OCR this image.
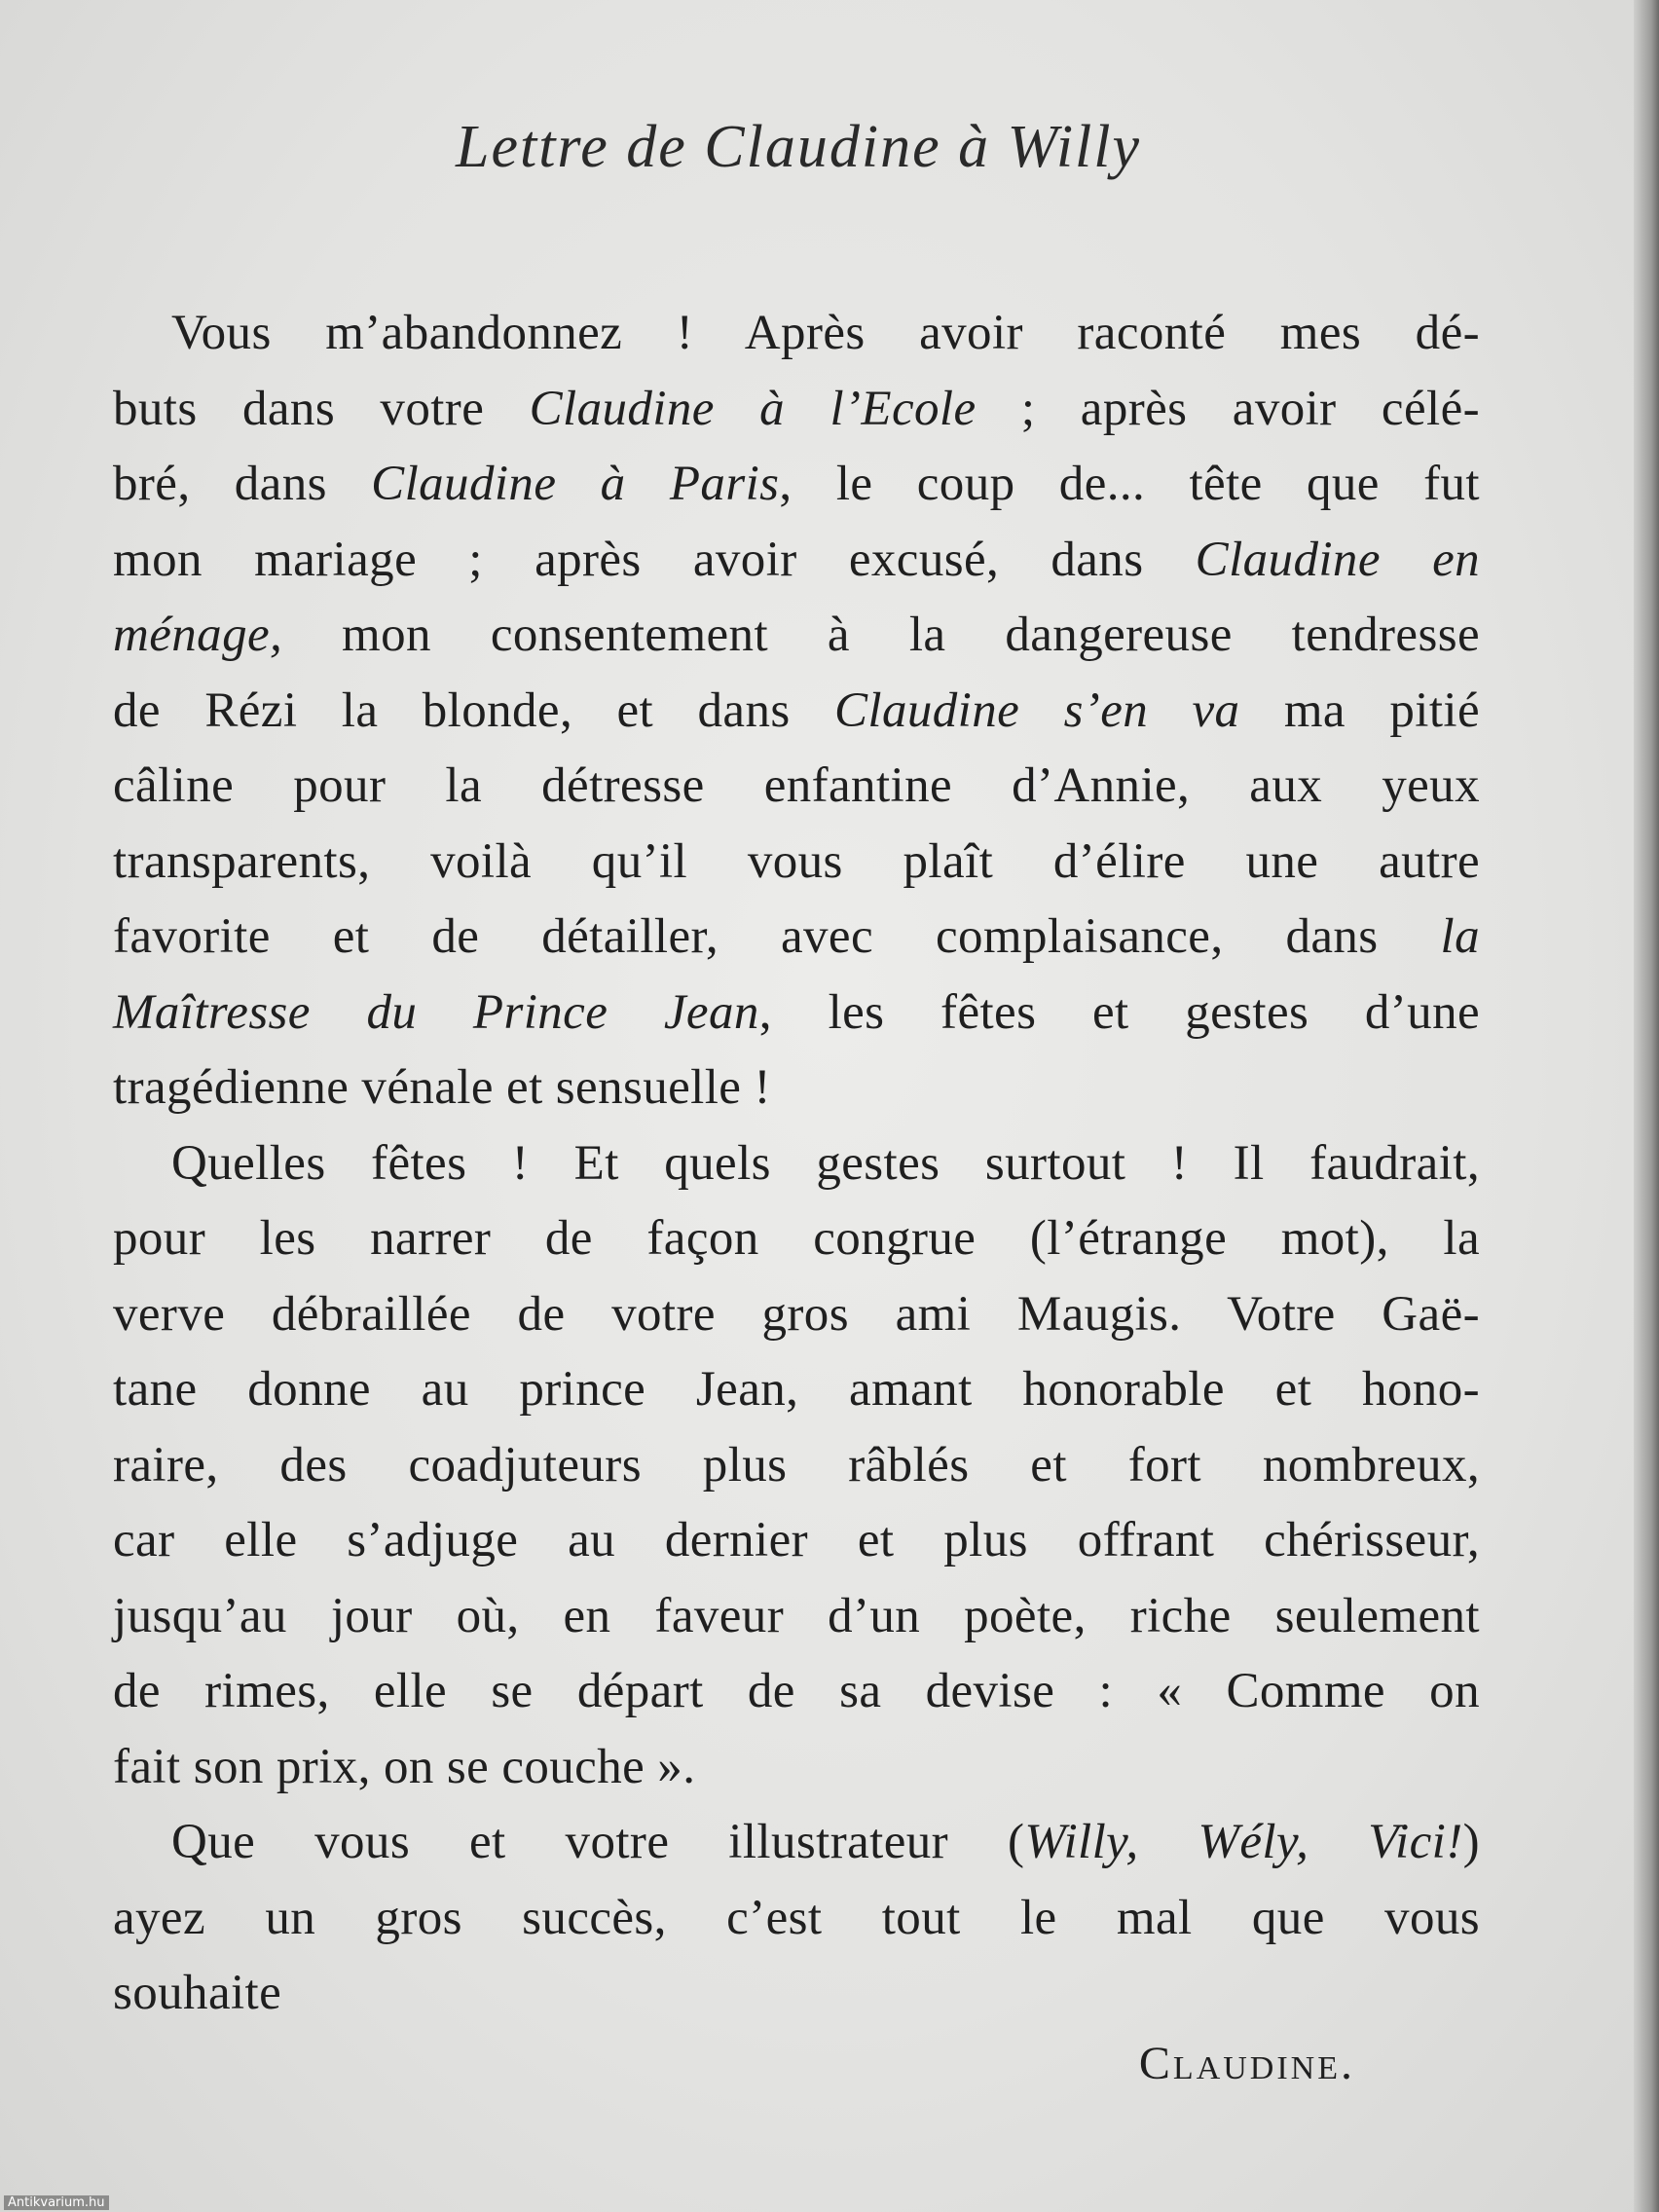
Lettre de Claudine à Willy
Vous m’abandonnez ! Après avoir raconté mes dé-
buts dans votre Claudine à l’Ecole ; après avoir célé-
bré, dans Claudine à Paris, le coup de... tête que fut
mon mariage ; après avoir excusé, dans Claudine en
ménage, mon consentement à la dangereuse tendresse
de Rézi la blonde, et dans Claudine s’en va ma pitié
câline pour la détresse enfantine d’Annie, aux yeux
transparents, voilà qu’il vous plaît d’élire une autre
favorite et de détailler, avec complaisance, dans la
Maîtresse du Prince Jean, les fêtes et gestes d’une
tragédienne vénale et sensuelle !
Quelles fêtes ! Et quels gestes surtout ! Il faudrait,
pour les narrer de façon congrue (l’étrange mot), la
verve débraillée de votre gros ami Maugis. Votre Gaë-
tane donne au prince Jean, amant honorable et hono-
raire, des coadjuteurs plus râblés et fort nombreux,
car elle s’adjuge au dernier et plus offrant chérisseur,
jusqu’au jour où, en faveur d’un poète, riche seulement
de rimes, elle se départ de sa devise : « Comme on
fait son prix, on se couche ».
Que vous et votre illustrateur (Willy, Wély, Vici!)
ayez un gros succès, c’est tout le mal que vous
souhaite
Claudine.
Antikvarium.hu
